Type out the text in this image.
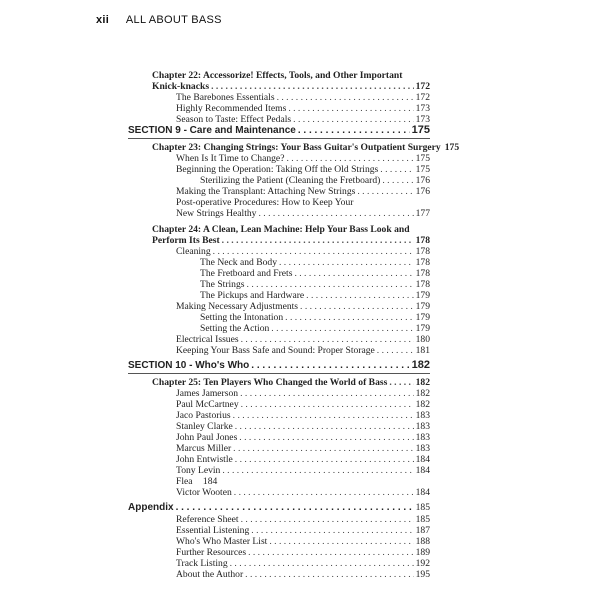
xii ALL ABOUT BASS
Chapter 22: Accessorize! Effects, Tools, and Other Important
Knick-knacks . . .	172
The Barebones Essentials . . .	172
Highly Recommended Items . . .	173
Season to Taste: Effect Pedals . . .	173
SECTION 9 - Care and Maintenance . . .	175
Chapter 23: Changing Strings: Your Bass Guitar's Outpatient Surgery 175
When Is It Time to Change? . . .	175
Beginning the Operation: Taking Off the Old Strings . . .	175
Sterilizing the Patient (Cleaning the Fretboard) . . .	176
Making the Transplant: Attaching New Strings . . .	176
Post-operative Procedures: How to Keep Your
New Strings Healthy . . .	177
Chapter 24: A Clean, Lean Machine: Help Your Bass Look and
Perform Its Best . . .	178
Cleaning . . .	178
The Neck and Body . . .	178
The Fretboard and Frets . . .	178
The Strings . . .	178
The Pickups and Hardware . . .	179
Making Necessary Adjustments . . .	179
Setting the Intonation . . .	179
Setting the Action . . .	179
Electrical Issues . . .	180
Keeping Your Bass Safe and Sound: Proper Storage . . .	181
SECTION 10 - Who's Who . . .	182
Chapter 25: Ten Players Who Changed the World of Bass . . .	182
James Jamerson . . .	182
Paul McCartney . . .	182
Jaco Pastorius . . .	183
Stanley Clarke . . .	183
John Paul Jones . . .	183
Marcus Miller . . .	183
John Entwistle . . .	184
Tony Levin . . .	184
Flea 184
Victor Wooten . . .	184
Appendix . . .	185
Reference Sheet . . .	185
Essential Listening . . .	187
Who's Who Master List . . .	188
Further Resources . . .	189
Track Listing . . .	192
About the Author . . .	195
